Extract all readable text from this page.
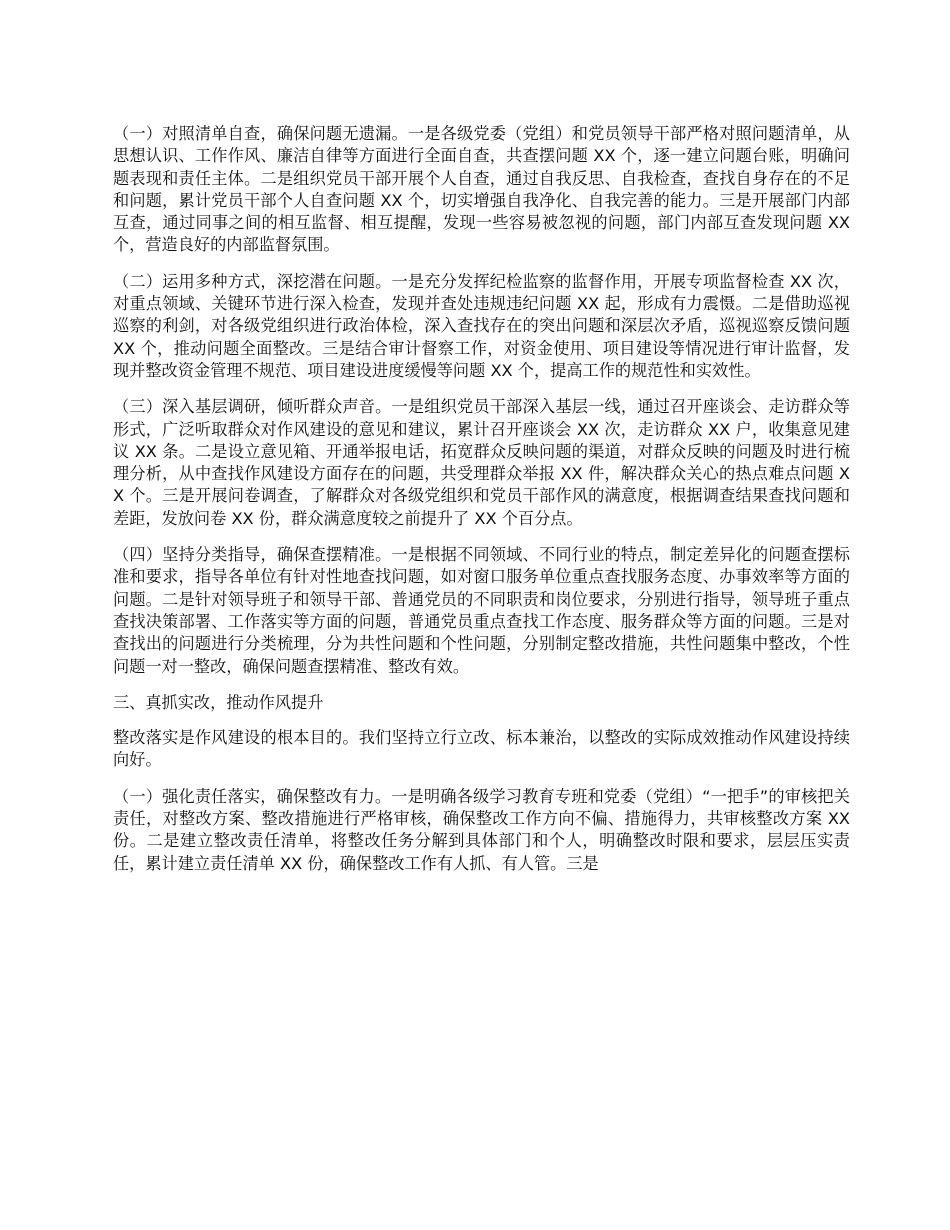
（一）对照清单自查，确保问题无遗漏。一是各级党委（党组）和党员领导干部严格对照问题清单，从思想认识、工作作风、廉洁自律等方面进行全面自查，共查摆问题 XX 个，逐一建立问题台账，明确问题表现和责任主体。二是组织党员干部开展个人自查，通过自我反思、自我检查，查找自身存在的不足和问题，累计党员干部个人自查问题 XX 个，切实增强自我净化、自我完善的能力。三是开展部门内部互查，通过同事之间的相互监督、相互提醒，发现一些容易被忽视的问题，部门内部互查发现问题 XX 个，营造良好的内部监督氛围。

（二）运用多种方式，深挖潜在问题。一是充分发挥纪检监察的监督作用，开展专项监督检查 XX 次，对重点领域、关键环节进行深入检查，发现并查处违规违纪问题 XX 起，形成有力震慑。二是借助巡视巡察的利剑，对各级党组织进行政治体检，深入查找存在的突出问题和深层次矛盾，巡视巡察反馈问题 XX 个，推动问题全面整改。三是结合审计督察工作，对资金使用、项目建设等情况进行审计监督，发现并整改资金管理不规范、项目建设进度缓慢等问题 XX 个，提高工作的规范性和实效性。

（三）深入基层调研，倾听群众声音。一是组织党员干部深入基层一线，通过召开座谈会、走访群众等形式，广泛听取群众对作风建设的意见和建议，累计召开座谈会 XX 次，走访群众 XX 户，收集意见建议 XX 条。二是设立意见箱、开通举报电话，拓宽群众反映问题的渠道，对群众反映的问题及时进行梳理分析，从中查找作风建设方面存在的问题，共受理群众举报 XX 件，解决群众关心的热点难点问题 XX 个。三是开展问卷调查，了解群众对各级党组织和党员干部作风的满意度，根据调查结果查找问题和差距，发放问卷 XX 份，群众满意度较之前提升了 XX 个百分点。

（四）坚持分类指导，确保查摆精准。一是根据不同领域、不同行业的特点，制定差异化的问题查摆标准和要求，指导各单位有针对性地查找问题，如对窗口服务单位重点查找服务态度、办事效率等方面的问题。二是针对领导班子和领导干部、普通党员的不同职责和岗位要求，分别进行指导，领导班子重点查找决策部署、工作落实等方面的问题，普通党员重点查找工作态度、服务群众等方面的问题。三是对查找出的问题进行分类梳理，分为共性问题和个性问题，分别制定整改措施，共性问题集中整改，个性问题一对一整改，确保问题查摆精准、整改有效。

三、真抓实改，推动作风提升

整改落实是作风建设的根本目的。我们坚持立行立改、标本兼治，以整改的实际成效推动作风建设持续向好。

（一）强化责任落实，确保整改有力。一是明确各级学习教育专班和党委（党组）“一把手”的审核把关责任，对整改方案、整改措施进行严格审核，确保整改工作方向不偏、措施得力，共审核整改方案 XX 份。二是建立整改责任清单，将整改任务分解到具体部门和个人，明确整改时限和要求，层层压实责任，累计建立责任清单 XX 份，确保整改工作有人抓、有人管。三是
